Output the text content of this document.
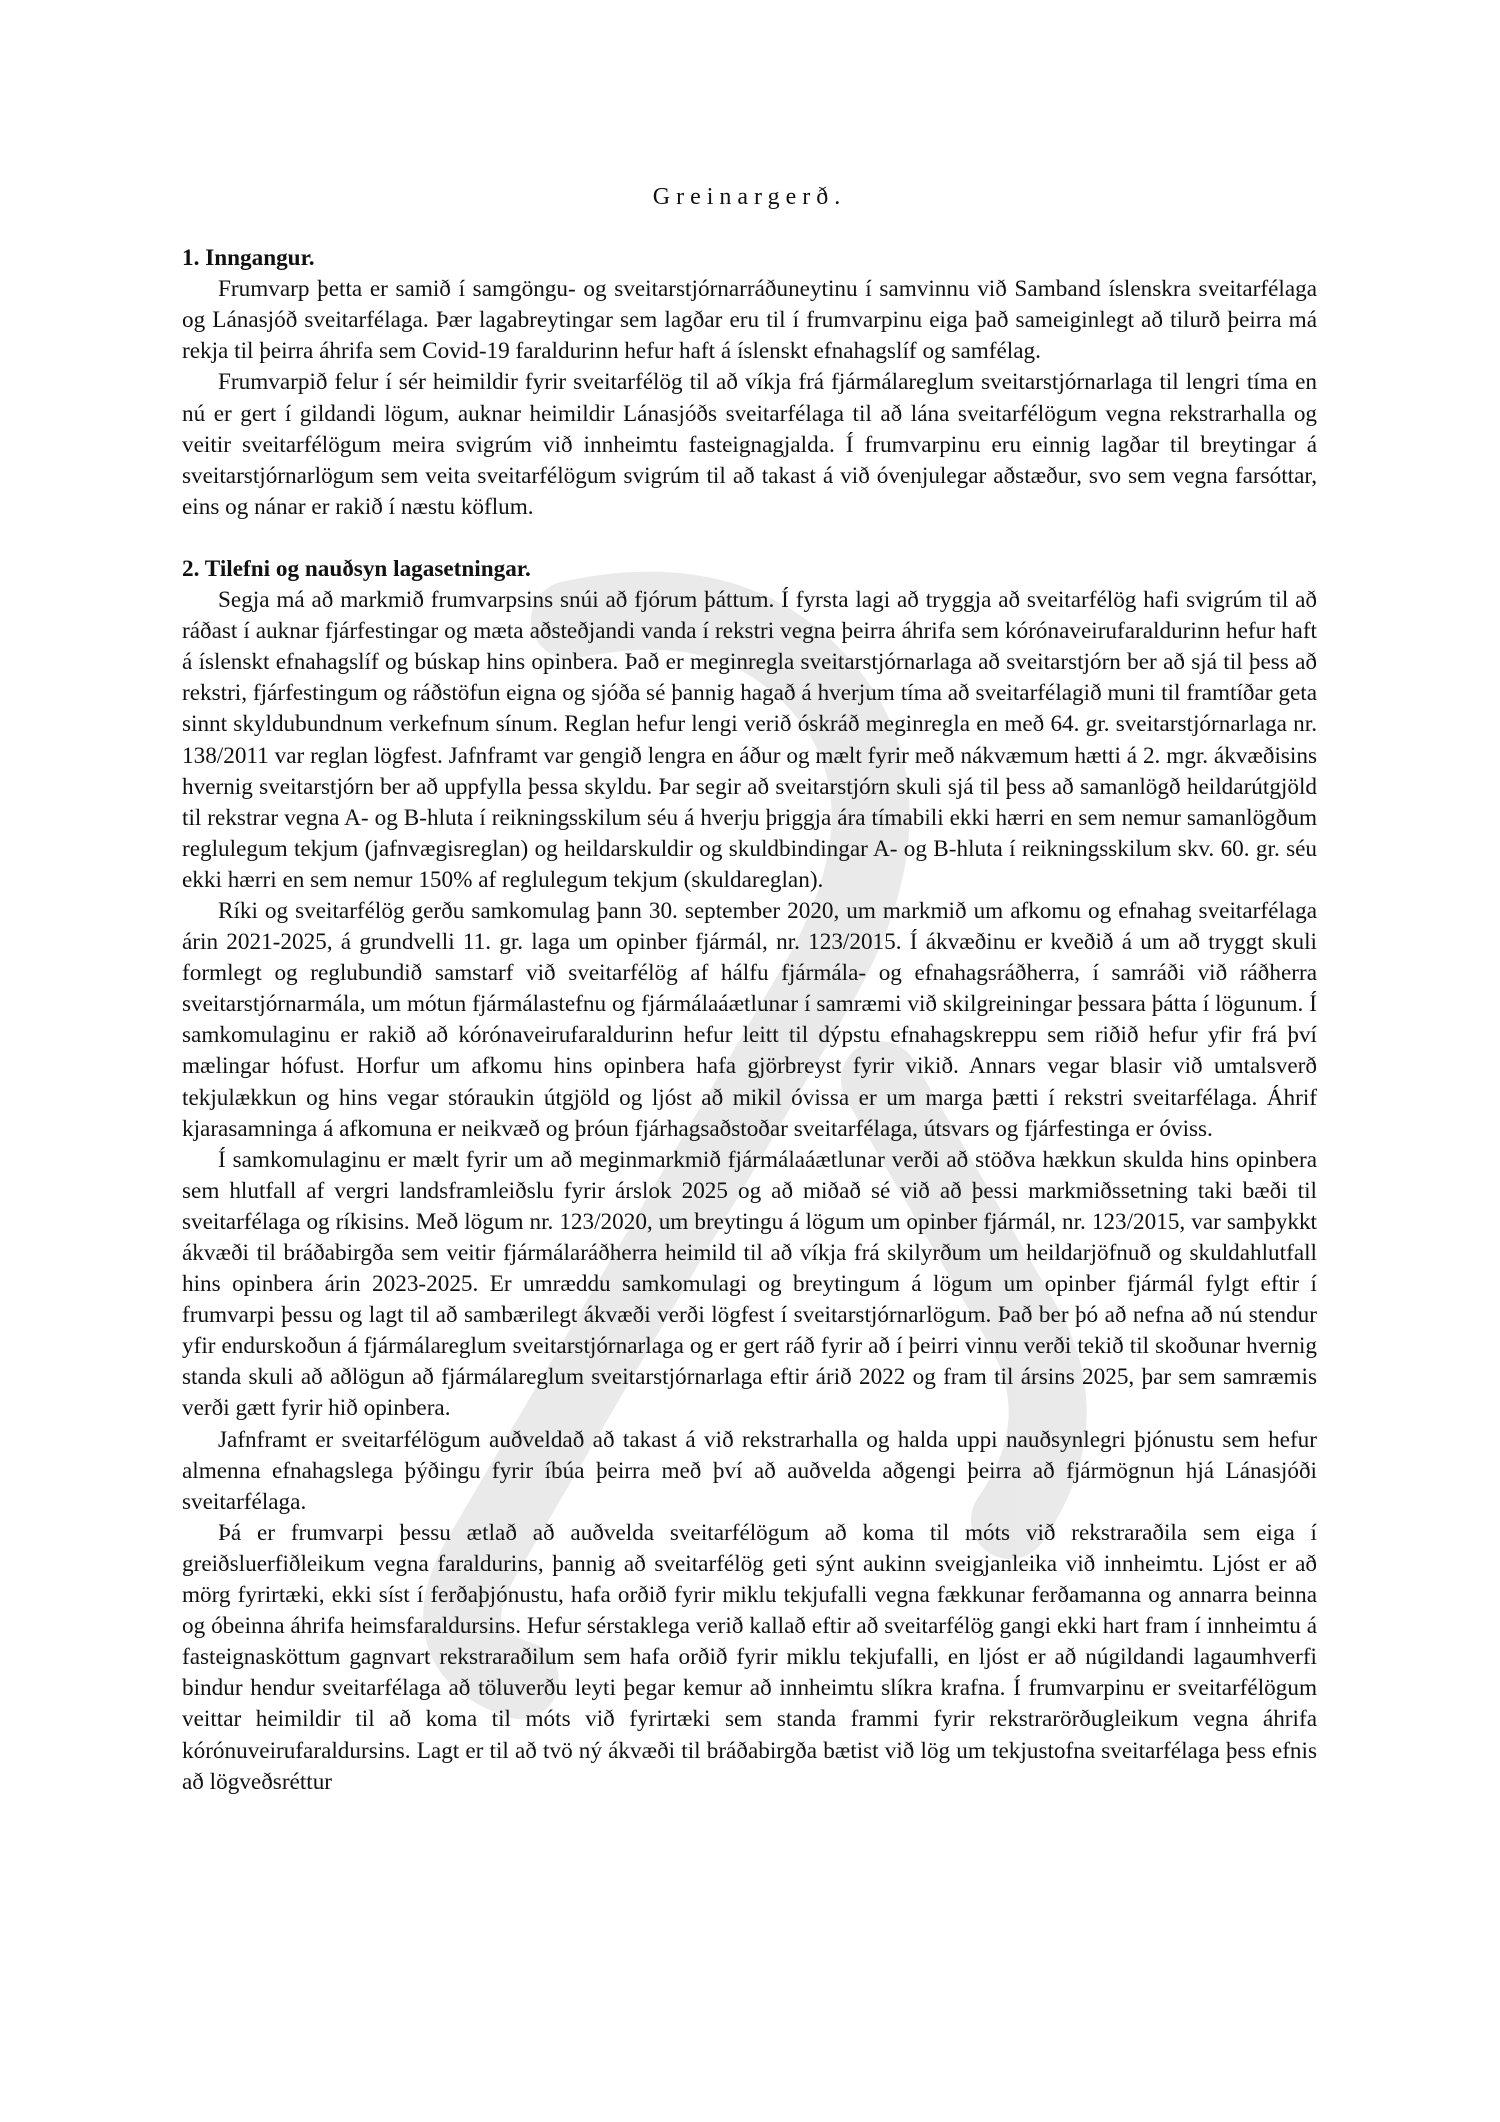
Greinargerð.

1. Inngangur.

Frumvarp þetta er samið í samgöngu- og sveitarstjórnarráðuneytinu í samvinnu við Samband íslenskra sveitarfélaga og Lánasjóð sveitarfélaga. Þær lagabreytingar sem lagðar eru til í frumvarpinu eiga það sameiginlegt að tilurð þeirra má rekja til þeirra áhrifa sem Covid-19 faraldurinn hefur haft á íslenskt efnahagslíf og samfélag.

Frumvarpið felur í sér heimildir fyrir sveitarfélög til að víkja frá fjármálareglum sveitarstjórnarlaga til lengri tíma en nú er gert í gildandi lögum, auknar heimildir Lánasjóðs sveitarfélaga til að lána sveitarfélögum vegna rekstrarhalla og veitir sveitarfélögum meira svigrúm við innheimtu fasteignagjalda. Í frumvarpinu eru einnig lagðar til breytingar á sveitarstjórnarlögum sem veita sveitarfélögum svigrúm til að takast á við óvenjulegar aðstæður, svo sem vegna farsóttar, eins og nánar er rakið í næstu köflum.

2. Tilefni og nauðsyn lagasetningar.

Segja má að markmið frumvarpsins snúi að fjórum þáttum. Í fyrsta lagi að tryggja að sveitarfélög hafi svigrúm til að ráðast í auknar fjárfestingar og mæta aðsteðjandi vanda í rekstri vegna þeirra áhrifa sem kórónaveirufaraldurinn hefur haft á íslenskt efnahagslíf og búskap hins opinbera. Það er meginregla sveitarstjórnarlaga að sveitarstjórn ber að sjá til þess að rekstri, fjárfestingum og ráðstöfun eigna og sjóða sé þannig hagað á hverjum tíma að sveitarfélagið muni til framtíðar geta sinnt skyldubundnum verkefnum sínum. Reglan hefur lengi verið óskráð meginregla en með 64. gr. sveitarstjórnarlaga nr. 138/2011 var reglan lögfest. Jafnframt var gengið lengra en áður og mælt fyrir með nákvæmum hætti á 2. mgr. ákvæðisins hvernig sveitarstjórn ber að uppfylla þessa skyldu. Þar segir að sveitarstjórn skuli sjá til þess að samanlögð heildarútgjöld til rekstrar vegna A- og B-hluta í reikningsskilum séu á hverju þriggja ára tímabili ekki hærri en sem nemur samanlögðum reglulegum tekjum (jafnvægisreglan) og heildarskuldir og skuldbindingar A- og B-hluta í reikningsskilum skv. 60. gr. séu ekki hærri en sem nemur 150% af reglulegum tekjum (skuldareglan).

Ríki og sveitarfélög gerðu samkomulag þann 30. september 2020, um markmið um afkomu og efnahag sveitarfélaga árin 2021-2025, á grundvelli 11. gr. laga um opinber fjármál, nr. 123/2015. Í ákvæðinu er kveðið á um að tryggt skuli formlegt og reglubundið samstarf við sveitarfélög af hálfu fjármála- og efnahagsráðherra, í samráði við ráðherra sveitarstjórnarmála, um mótun fjármálastefnu og fjármálaáætlunar í samræmi við skilgreiningar þessara þátta í lögunum. Í samkomulaginu er rakið að kórónaveirufaraldurinn hefur leitt til dýpstu efnahagskreppu sem riðið hefur yfir frá því mælingar hófust. Horfur um afkomu hins opinbera hafa gjörbreyst fyrir vikið. Annars vegar blasir við umtalsverð tekjulækkun og hins vegar stóraukin útgjöld og ljóst að mikil óvissa er um marga þætti í rekstri sveitarfélaga. Áhrif kjarasamninga á afkomuna er neikvæð og þróun fjárhagsaðstoðar sveitarfélaga, útsvars og fjárfestinga er óviss.

Í samkomulaginu er mælt fyrir um að meginmarkmið fjármálaáætlunar verði að stöðva hækkun skulda hins opinbera sem hlutfall af vergri landsframleiðslu fyrir árslok 2025 og að miðað sé við að þessi markmiðssetning taki bæði til sveitarfélaga og ríkisins. Með lögum nr. 123/2020, um breytingu á lögum um opinber fjármál, nr. 123/2015, var samþykkt ákvæði til bráðabirgða sem veitir fjármálaráðherra heimild til að víkja frá skilyrðum um heildarjöfnuð og skuldahlutfall hins opinbera árin 2023-2025. Er umræddu samkomulagi og breytingum á lögum um opinber fjármál fylgt eftir í frumvarpi þessu og lagt til að sambærilegt ákvæði verði lögfest í sveitarstjórnarlögum. Það ber þó að nefna að nú stendur yfir endurskoðun á fjármálareglum sveitarstjórnarlaga og er gert ráð fyrir að í þeirri vinnu verði tekið til skoðunar hvernig standa skuli að aðlögun að fjármálareglum sveitarstjórnarlaga eftir árið 2022 og fram til ársins 2025, þar sem samræmis verði gætt fyrir hið opinbera.

Jafnframt er sveitarfélögum auðveldað að takast á við rekstrarhalla og halda uppi nauðsynlegri þjónustu sem hefur almenna efnahagslega þýðingu fyrir íbúa þeirra með því að auðvelda aðgengi þeirra að fjármögnun hjá Lánasjóði sveitarfélaga.

Þá er frumvarpi þessu ætlað að auðvelda sveitarfélögum að koma til móts við rekstraraðila sem eiga í greiðsluerfiðleikum vegna faraldurins, þannig að sveitarfélög geti sýnt aukinn sveigjanleika við innheimtu. Ljóst er að mörg fyrirtæki, ekki síst í ferðaþjónustu, hafa orðið fyrir miklu tekjufalli vegna fækkunar ferðamanna og annarra beinna og óbeinna áhrifa heimsfaraldursins. Hefur sérstaklega verið kallað eftir að sveitarfélög gangi ekki hart fram í innheimtu á fasteignasköttum gagnvart rekstraraðilum sem hafa orðið fyrir miklu tekjufalli, en ljóst er að núgildandi lagaumhverfi bindur hendur sveitarfélaga að töluverðu leyti þegar kemur að innheimtu slíkra krafna. Í frumvarpinu er sveitarfélögum veittar heimildir til að koma til móts við fyrirtæki sem standa frammi fyrir rekstrarörðugleikum vegna áhrifa kórónuveirufaraldursins. Lagt er til að tvö ný ákvæði til bráðabirgða bætist við lög um tekjustofna sveitarfélaga þess efnis að lögveðsréttur
